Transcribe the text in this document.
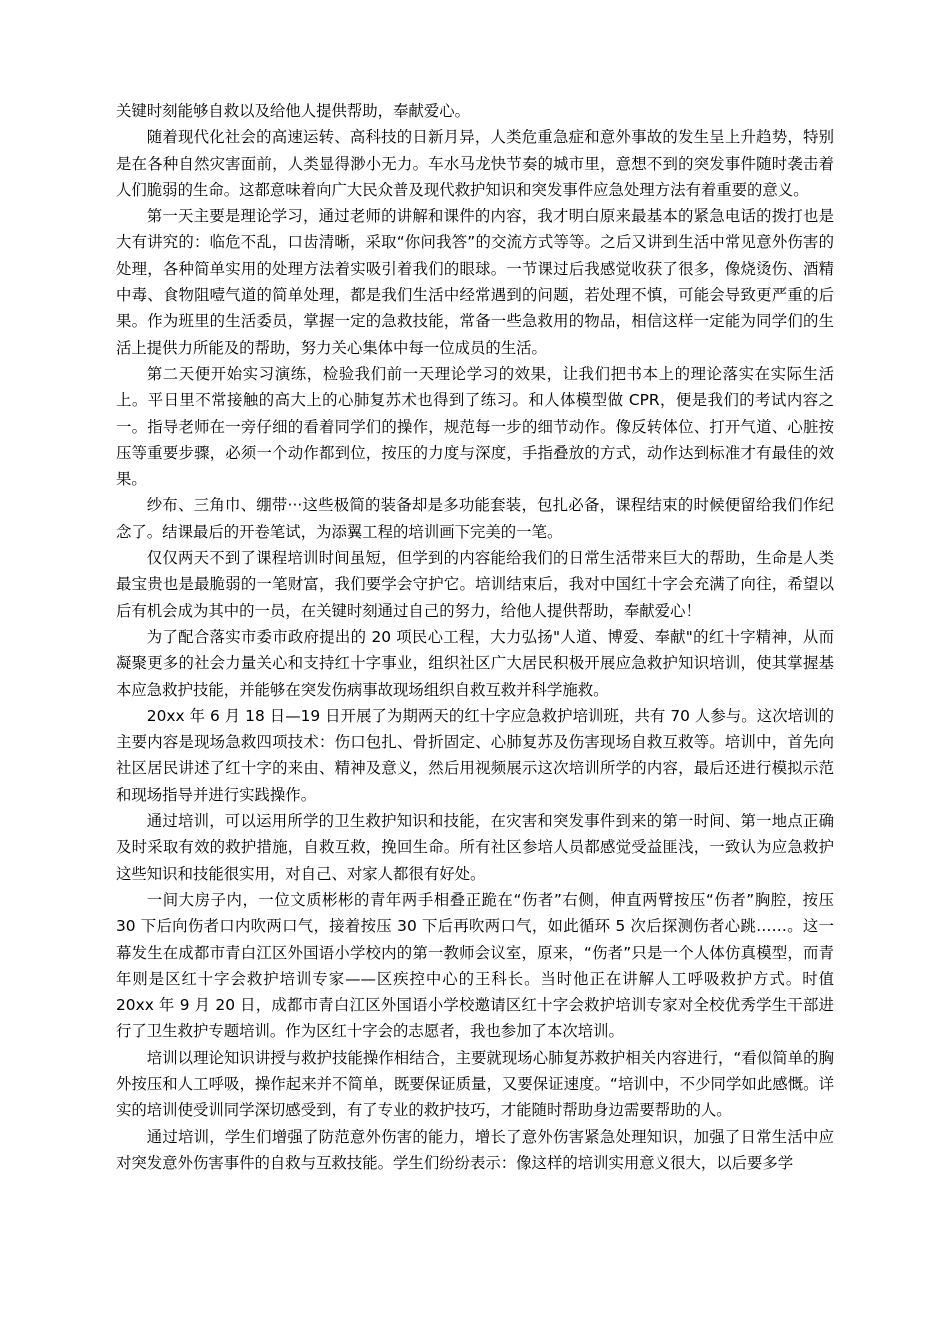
关键时刻能够自救以及给他人提供帮助，奉献爱心。

随着现代化社会的高速运转、高科技的日新月异，人类危重急症和意外事故的发生呈上升趋势，特别是在各种自然灾害面前，人类显得渺小无力。车水马龙快节奏的城市里，意想不到的突发事件随时袭击着人们脆弱的生命。这都意味着向广大民众普及现代救护知识和突发事件应急处理方法有着重要的意义。

第一天主要是理论学习，通过老师的讲解和课件的内容，我才明白原来最基本的紧急电话的拨打也是大有讲究的：临危不乱，口齿清晰，采取“你问我答”的交流方式等等。之后又讲到生活中常见意外伤害的处理，各种简单实用的处理方法着实吸引着我们的眼球。一节课过后我感觉收获了很多，像烧烫伤、酒精中毒、食物阻噎气道的简单处理，都是我们生活中经常遇到的问题，若处理不慎，可能会导致更严重的后果。作为班里的生活委员，掌握一定的急救技能，常备一些急救用的物品，相信这样一定能为同学们的生活上提供力所能及的帮助，努力关心集体中每一位成员的生活。

第二天便开始实习演练，检验我们前一天理论学习的效果，让我们把书本上的理论落实在实际生活上。平日里不常接触的高大上的心肺复苏术也得到了练习。和人体模型做 CPR，便是我们的考试内容之一。指导老师在一旁仔细的看着同学们的操作，规范每一步的细节动作。像反转体位、打开气道、心脏按压等重要步骤，必须一个动作都到位，按压的力度与深度，手指叠放的方式，动作达到标准才有最佳的效果。

纱布、三角巾、绷带···这些极简的装备却是多功能套装，包扎必备，课程结束的时候便留给我们作纪念了。结课最后的开卷笔试，为添翼工程的培训画下完美的一笔。

仅仅两天不到了课程培训时间虽短，但学到的内容能给我们的日常生活带来巨大的帮助，生命是人类最宝贵也是最脆弱的一笔财富，我们要学会守护它。培训结束后，我对中国红十字会充满了向往，希望以后有机会成为其中的一员，在关键时刻通过自己的努力，给他人提供帮助，奉献爱心！

为了配合落实市委市政府提出的 20 项民心工程，大力弘扬"人道、博爱、奉献"的红十字精神，从而凝聚更多的社会力量关心和支持红十字事业，组织社区广大居民积极开展应急救护知识培训，使其掌握基本应急救护技能，并能够在突发伤病事故现场组织自救互救并科学施救。

20xx 年 6 月 18 日—19 日开展了为期两天的红十字应急救护培训班，共有 70 人参与。这次培训的主要内容是现场急救四项技术：伤口包扎、骨折固定、心肺复苏及伤害现场自救互救等。培训中，首先向社区居民讲述了红十字的来由、精神及意义，然后用视频展示这次培训所学的内容，最后还进行模拟示范和现场指导并进行实践操作。

通过培训，可以运用所学的卫生救护知识和技能，在灾害和突发事件到来的第一时间、第一地点正确及时采取有效的救护措施，自救互救，挽回生命。所有社区参培人员都感觉受益匪浅，一致认为应急救护这些知识和技能很实用，对自己、对家人都很有好处。

一间大房子内，一位文质彬彬的青年两手相叠正跪在“伤者”右侧，伸直两臂按压“伤者”胸腔，按压 30 下后向伤者口内吹两口气，接着按压 30 下后再吹两口气，如此循环 5 次后探测伤者心跳……。这一幕发生在成都市青白江区外国语小学校内的第一教师会议室，原来，“伤者”只是一个人体仿真模型，而青年则是区红十字会救护培训专家——区疾控中心的王科长。当时他正在讲解人工呼吸救护方式。时值 20xx 年 9 月 20 日，成都市青白江区外国语小学校邀请区红十字会救护培训专家对全校优秀学生干部进行了卫生救护专题培训。作为区红十字会的志愿者，我也参加了本次培训。

培训以理论知识讲授与救护技能操作相结合，主要就现场心肺复苏救护相关内容进行，“看似简单的胸外按压和人工呼吸，操作起来并不简单，既要保证质量，又要保证速度。“培训中，不少同学如此感慨。详实的培训使受训同学深切感受到，有了专业的救护技巧，才能随时帮助身边需要帮助的人。

通过培训，学生们增强了防范意外伤害的能力，增长了意外伤害紧急处理知识，加强了日常生活中应对突发意外伤害事件的自救与互救技能。学生们纷纷表示：像这样的培训实用意义很大，以后要多学
